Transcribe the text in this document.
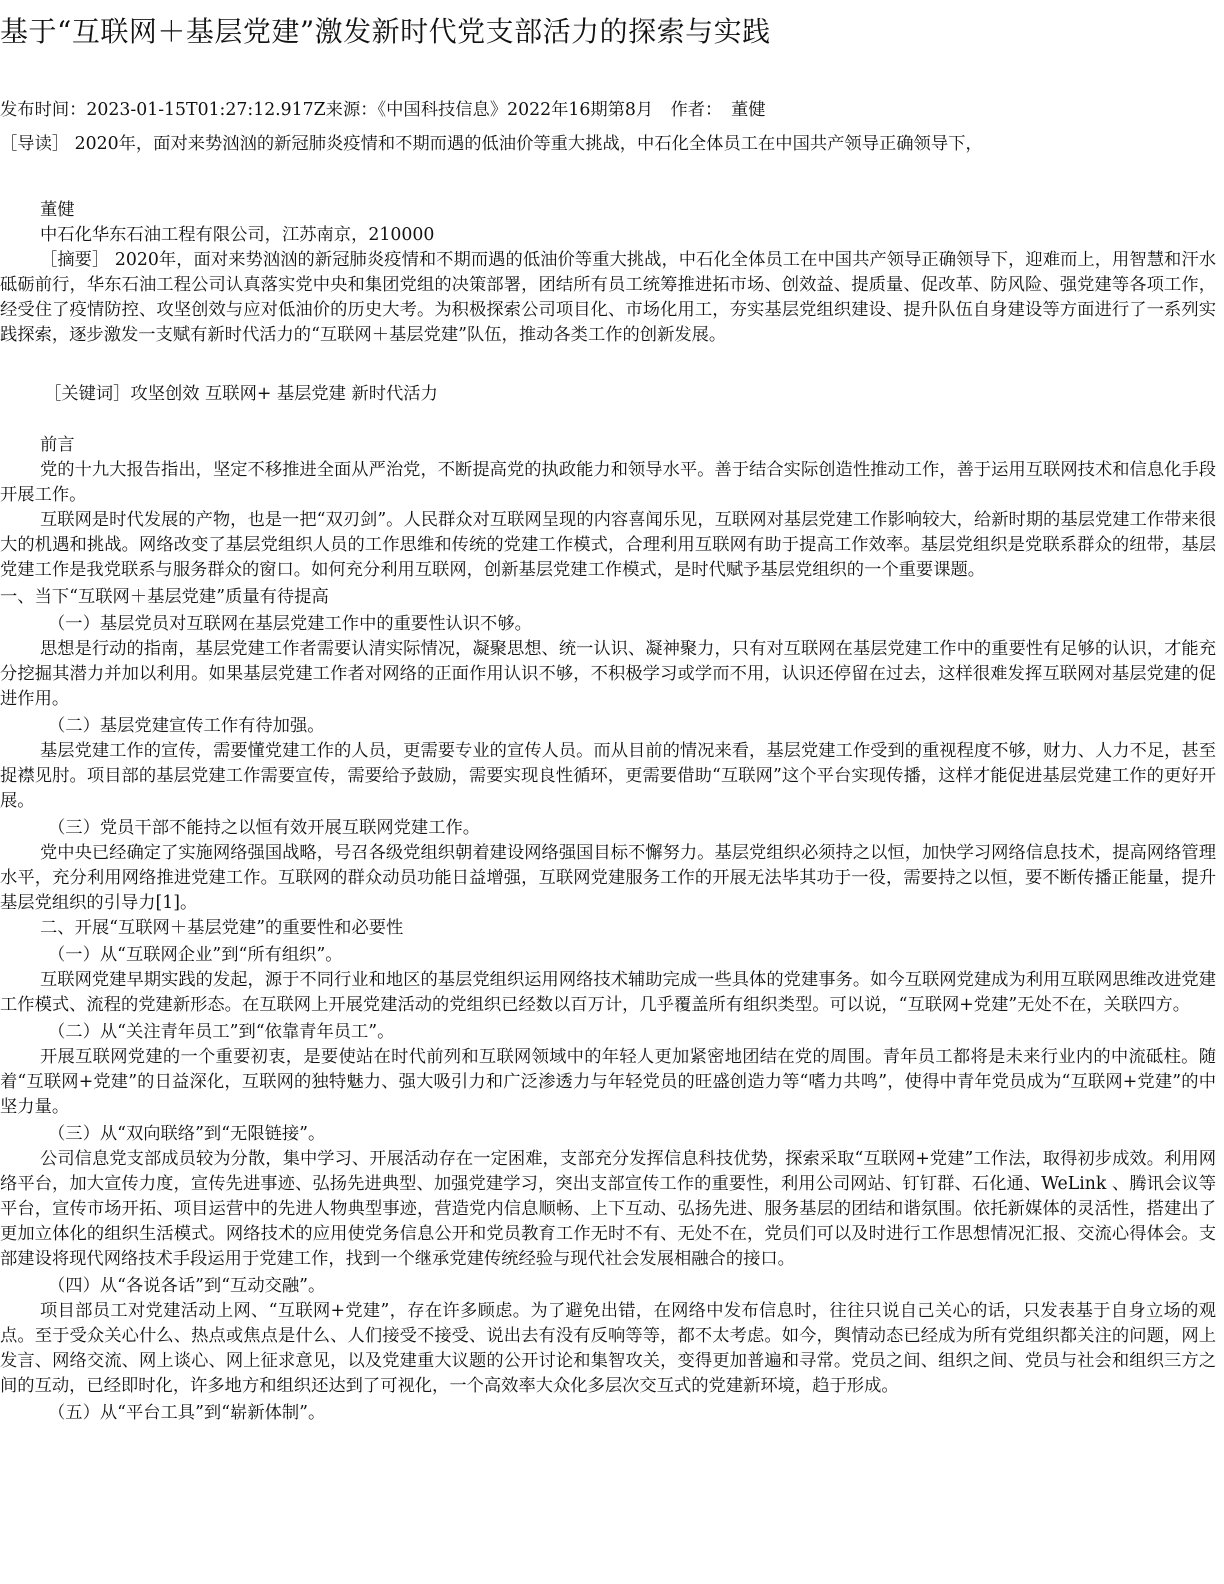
基于“互联网＋基层党建”激发新时代党支部活力的探索与实践

发布时间：2023-01-15T01:27:12.917Z来源：《中国科技信息》2022年16期第8月　作者：　董健

［导读］ 2020年，面对来势汹汹的新冠肺炎疫情和不期而遇的低油价等重大挑战，中石化全体员工在中国共产领导正确领导下，

董健

中石化华东石油工程有限公司，江苏南京，210000

［摘要］ 2020年，面对来势汹汹的新冠肺炎疫情和不期而遇的低油价等重大挑战，中石化全体员工在中国共产领导正确领导下，迎难而上，用智慧和汗水砥砺前行，华东石油工程公司认真落实党中央和集团党组的决策部署，团结所有员工统筹推进拓市场、创效益、提质量、促改革、防风险、强党建等各项工作，经受住了疫情防控、攻坚创效与应对低油价的历史大考。为积极探索公司项目化、市场化用工，夯实基层党组织建设、提升队伍自身建设等方面进行了一系列实践探索，逐步激发一支赋有新时代活力的“互联网＋基层党建”队伍，推动各类工作的创新发展。

［关键词］攻坚创效 互联网+ 基层党建 新时代活力

前言

党的十九大报告指出，坚定不移推进全面从严治党，不断提高党的执政能力和领导水平。善于结合实际创造性推动工作，善于运用互联网技术和信息化手段开展工作。

互联网是时代发展的产物，也是一把“双刃剑”。人民群众对互联网呈现的内容喜闻乐见，互联网对基层党建工作影响较大，给新时期的基层党建工作带来很大的机遇和挑战。网络改变了基层党组织人员的工作思维和传统的党建工作模式，合理利用互联网有助于提高工作效率。基层党组织是党联系群众的纽带，基层党建工作是我党联系与服务群众的窗口。如何充分利用互联网，创新基层党建工作模式，是时代赋予基层党组织的一个重要课题。

一、当下“互联网＋基层党建”质量有待提高

（一）基层党员对互联网在基层党建工作中的重要性认识不够。

思想是行动的指南，基层党建工作者需要认清实际情况，凝聚思想、统一认识、凝神聚力，只有对互联网在基层党建工作中的重要性有足够的认识，才能充分挖掘其潜力并加以利用。如果基层党建工作者对网络的正面作用认识不够，不积极学习或学而不用，认识还停留在过去，这样很难发挥互联网对基层党建的促进作用。

（二）基层党建宣传工作有待加强。

基层党建工作的宣传，需要懂党建工作的人员，更需要专业的宣传人员。而从目前的情况来看，基层党建工作受到的重视程度不够，财力、人力不足，甚至捉襟见肘。项目部的基层党建工作需要宣传，需要给予鼓励，需要实现良性循环，更需要借助“互联网”这个平台实现传播，这样才能促进基层党建工作的更好开展。

（三）党员干部不能持之以恒有效开展互联网党建工作。

党中央已经确定了实施网络强国战略，号召各级党组织朝着建设网络强国目标不懈努力。基层党组织必须持之以恒，加快学习网络信息技术，提高网络管理水平，充分利用网络推进党建工作。互联网的群众动员功能日益增强，互联网党建服务工作的开展无法毕其功于一役，需要持之以恒，要不断传播正能量，提升基层党组织的引导力[1]。

二、开展“互联网＋基层党建”的重要性和必要性

（一）从“互联网企业”到“所有组织”。

互联网党建早期实践的发起，源于不同行业和地区的基层党组织运用网络技术辅助完成一些具体的党建事务。如今互联网党建成为利用互联网思维改进党建工作模式、流程的党建新形态。在互联网上开展党建活动的党组织已经数以百万计，几乎覆盖所有组织类型。可以说，“互联网+党建”无处不在，关联四方。

（二）从“关注青年员工”到“依靠青年员工”。

开展互联网党建的一个重要初衷，是要使站在时代前列和互联网领域中的年轻人更加紧密地团结在党的周围。青年员工都将是未来行业内的中流砥柱。随着“互联网+党建”的日益深化，互联网的独特魅力、强大吸引力和广泛渗透力与年轻党员的旺盛创造力等“嗜力共鸣”，使得中青年党员成为“互联网+党建”的中坚力量。

（三）从“双向联络”到“无限链接”。

公司信息党支部成员较为分散，集中学习、开展活动存在一定困难，支部充分发挥信息科技优势，探索采取“互联网+党建”工作法，取得初步成效。利用网络平台，加大宣传力度，宣传先进事迹、弘扬先进典型、加强党建学习，突出支部宣传工作的重要性，利用公司网站、钉钉群、石化通、WeLink 、腾讯会议等平台，宣传市场开拓、项目运营中的先进人物典型事迹，营造党内信息顺畅、上下互动、弘扬先进、服务基层的团结和谐氛围。依托新媒体的灵活性，搭建出了更加立体化的组织生活模式。网络技术的应用使党务信息公开和党员教育工作无时不有、无处不在，党员们可以及时进行工作思想情况汇报、交流心得体会。支部建设将现代网络技术手段运用于党建工作，找到一个继承党建传统经验与现代社会发展相融合的接口。

（四）从“各说各话”到“互动交融”。

项目部员工对党建活动上网、“互联网+党建”，存在许多顾虑。为了避免出错，在网络中发布信息时，往往只说自己关心的话，只发表基于自身立场的观点。至于受众关心什么、热点或焦点是什么、人们接受不接受、说出去有没有反响等等，都不太考虑。如今，舆情动态已经成为所有党组织都关注的问题，网上发言、网络交流、网上谈心、网上征求意见，以及党建重大议题的公开讨论和集智攻关，变得更加普遍和寻常。党员之间、组织之间、党员与社会和组织三方之间的互动，已经即时化，许多地方和组织还达到了可视化，一个高效率大众化多层次交互式的党建新环境，趋于形成。

（五）从“平台工具”到“崭新体制”。
